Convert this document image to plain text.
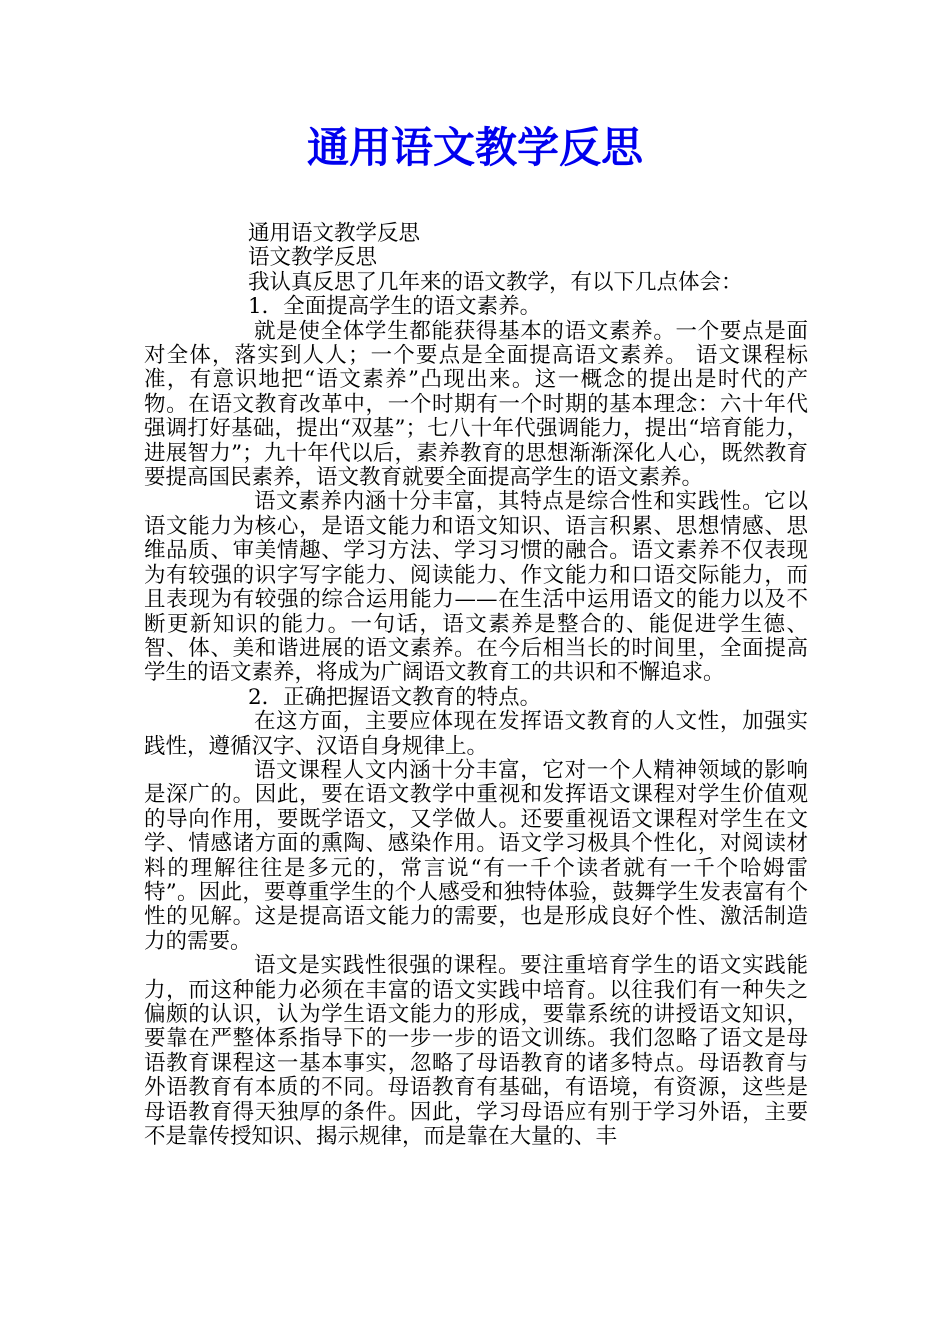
通用语文教学反思

通用语文教学反思

语文教学反思

我认真反思了几年来的语文教学，有以下几点体会：

1．全面提高学生的语文素养。

就是使全体学生都能获得基本的语文素养。一个要点是面对全体，落实到人人；一个要点是全面提高语文素养。 语文课程标准，有意识地把“语文素养”凸现出来。这一概念的提出是时代的产物。在语文教育改革中，一个时期有一个时期的基本理念：六十年代强调打好基础，提出“双基”；七八十年代强调能力，提出“培育能力，进展智力”；九十年代以后，素养教育的思想渐渐深化人心，既然教育要提高国民素养，语文教育就要全面提高学生的语文素养。

语文素养内涵十分丰富，其特点是综合性和实践性。它以语文能力为核心，是语文能力和语文知识、语言积累、思想情感、思维品质、审美情趣、学习方法、学习习惯的融合。语文素养不仅表现为有较强的识字写字能力、阅读能力、作文能力和口语交际能力，而且表现为有较强的综合运用能力——在生活中运用语文的能力以及不断更新知识的能力。一句话，语文素养是整合的、能促进学生德、智、体、美和谐进展的语文素养。在今后相当长的时间里，全面提高学生的语文素养，将成为广阔语文教育工的共识和不懈追求。

2．正确把握语文教育的特点。

在这方面，主要应体现在发挥语文教育的人文性，加强实践性，遵循汉字、汉语自身规律上。

语文课程人文内涵十分丰富，它对一个人精神领域的影响是深广的。因此，要在语文教学中重视和发挥语文课程对学生价值观的导向作用，要既学语文，又学做人。还要重视语文课程对学生在文学、情感诸方面的熏陶、感染作用。语文学习极具个性化，对阅读材料的理解往往是多元的，常言说“有一千个读者就有一千个哈姆雷特”。因此，要尊重学生的个人感受和独特体验，鼓舞学生发表富有个性的见解。这是提高语文能力的需要，也是形成良好个性、激活制造力的需要。

语文是实践性很强的课程。要注重培育学生的语文实践能力，而这种能力必须在丰富的语文实践中培育。以往我们有一种失之偏颇的认识，认为学生语文能力的形成，要靠系统的讲授语文知识，要靠在严整体系指导下的一步一步的语文训练。我们忽略了语文是母语教育课程这一基本事实，忽略了母语教育的诸多特点。母语教育与外语教育有本质的不同。母语教育有基础，有语境，有资源，这些是母语教育得天独厚的条件。因此，学习母语应有别于学习外语，主要不是靠传授知识、揭示规律，而是靠在大量的、丰
